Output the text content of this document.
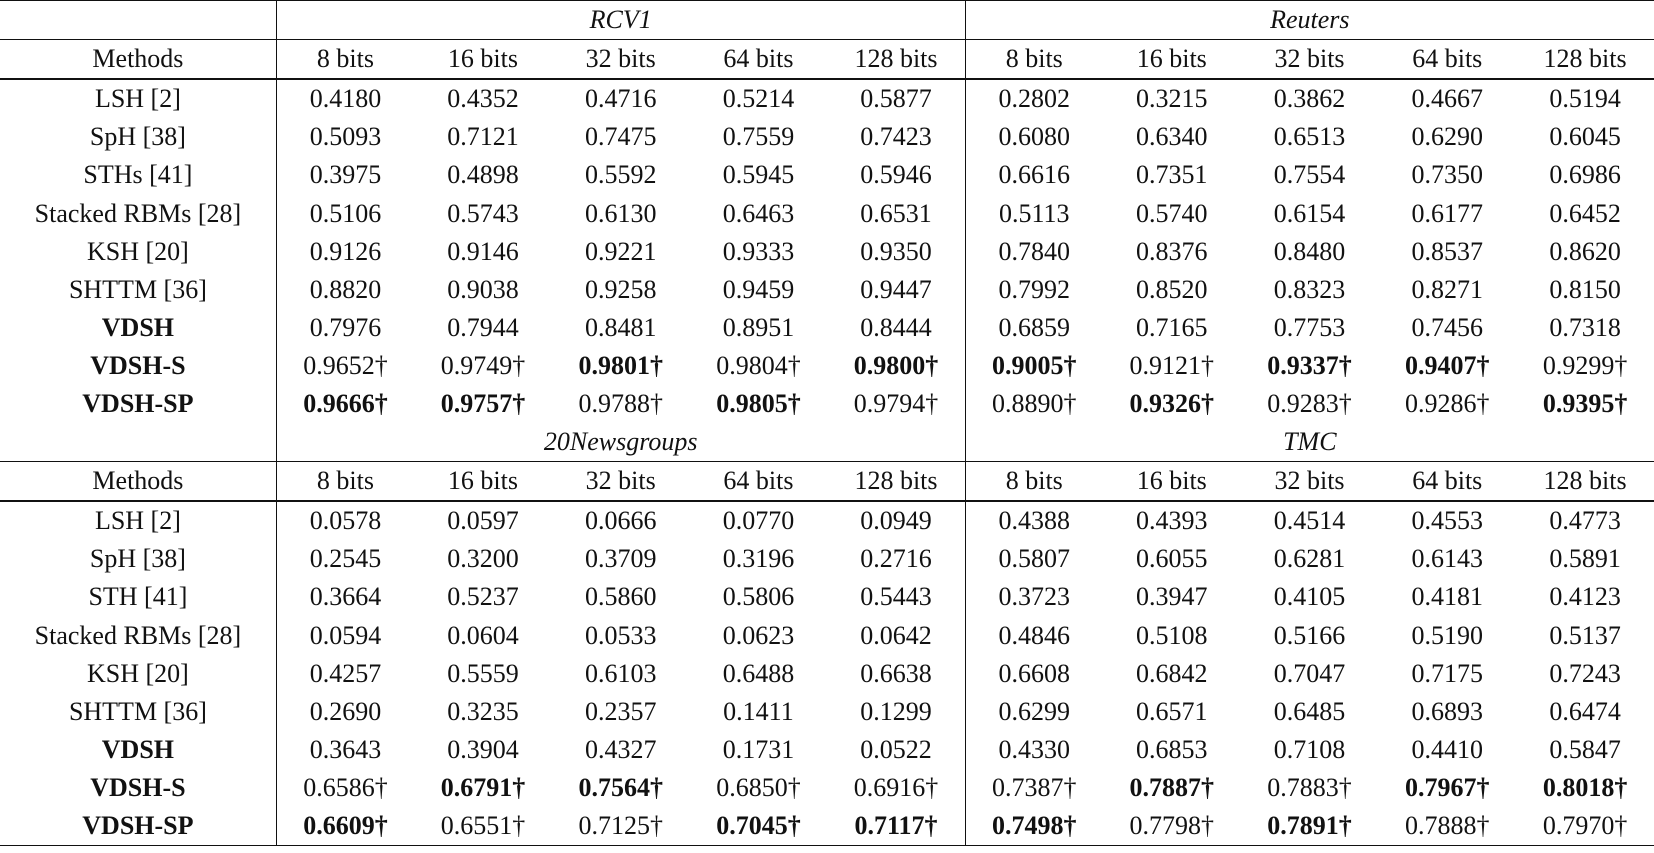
	RCV1					Reuters				
Methods	8 bits	16 bits	32 bits	64 bits	128 bits	8 bits	16 bits	32 bits	64 bits	128 bits
LSH [2]	0.4180	0.4352	0.4716	0.5214	0.5877	0.2802	0.3215	0.3862	0.4667	0.5194
SpH [38]	0.5093	0.7121	0.7475	0.7559	0.7423	0.6080	0.6340	0.6513	0.6290	0.6045
STHs [41]	0.3975	0.4898	0.5592	0.5945	0.5946	0.6616	0.7351	0.7554	0.7350	0.6986
Stacked RBMs [28]	0.5106	0.5743	0.6130	0.6463	0.6531	0.5113	0.5740	0.6154	0.6177	0.6452
KSH [20]	0.9126	0.9146	0.9221	0.9333	0.9350	0.7840	0.8376	0.8480	0.8537	0.8620
SHTTM [36]	0.8820	0.9038	0.9258	0.9459	0.9447	0.7992	0.8520	0.8323	0.8271	0.8150
VDSH	0.7976	0.7944	0.8481	0.8951	0.8444	0.6859	0.7165	0.7753	0.7456	0.7318
VDSH-S	0.9652†	0.9749†	0.9801†	0.9804†	0.9800†	0.9005†	0.9121†	0.9337†	0.9407†	0.9299†
VDSH-SP	0.9666†	0.9757†	0.9788†	0.9805†	0.9794†	0.8890†	0.9326†	0.9283†	0.9286†	0.9395†
	20Newsgroups					TMC				
Methods	8 bits	16 bits	32 bits	64 bits	128 bits	8 bits	16 bits	32 bits	64 bits	128 bits
LSH [2]	0.0578	0.0597	0.0666	0.0770	0.0949	0.4388	0.4393	0.4514	0.4553	0.4773
SpH [38]	0.2545	0.3200	0.3709	0.3196	0.2716	0.5807	0.6055	0.6281	0.6143	0.5891
STH [41]	0.3664	0.5237	0.5860	0.5806	0.5443	0.3723	0.3947	0.4105	0.4181	0.4123
Stacked RBMs [28]	0.0594	0.0604	0.0533	0.0623	0.0642	0.4846	0.5108	0.5166	0.5190	0.5137
KSH [20]	0.4257	0.5559	0.6103	0.6488	0.6638	0.6608	0.6842	0.7047	0.7175	0.7243
SHTTM [36]	0.2690	0.3235	0.2357	0.1411	0.1299	0.6299	0.6571	0.6485	0.6893	0.6474
VDSH	0.3643	0.3904	0.4327	0.1731	0.0522	0.4330	0.6853	0.7108	0.4410	0.5847
VDSH-S	0.6586†	0.6791†	0.7564†	0.6850†	0.6916†	0.7387†	0.7887†	0.7883†	0.7967†	0.8018†
VDSH-SP	0.6609†	0.6551†	0.7125†	0.7045†	0.7117†	0.7498†	0.7798†	0.7891†	0.7888†	0.7970†
